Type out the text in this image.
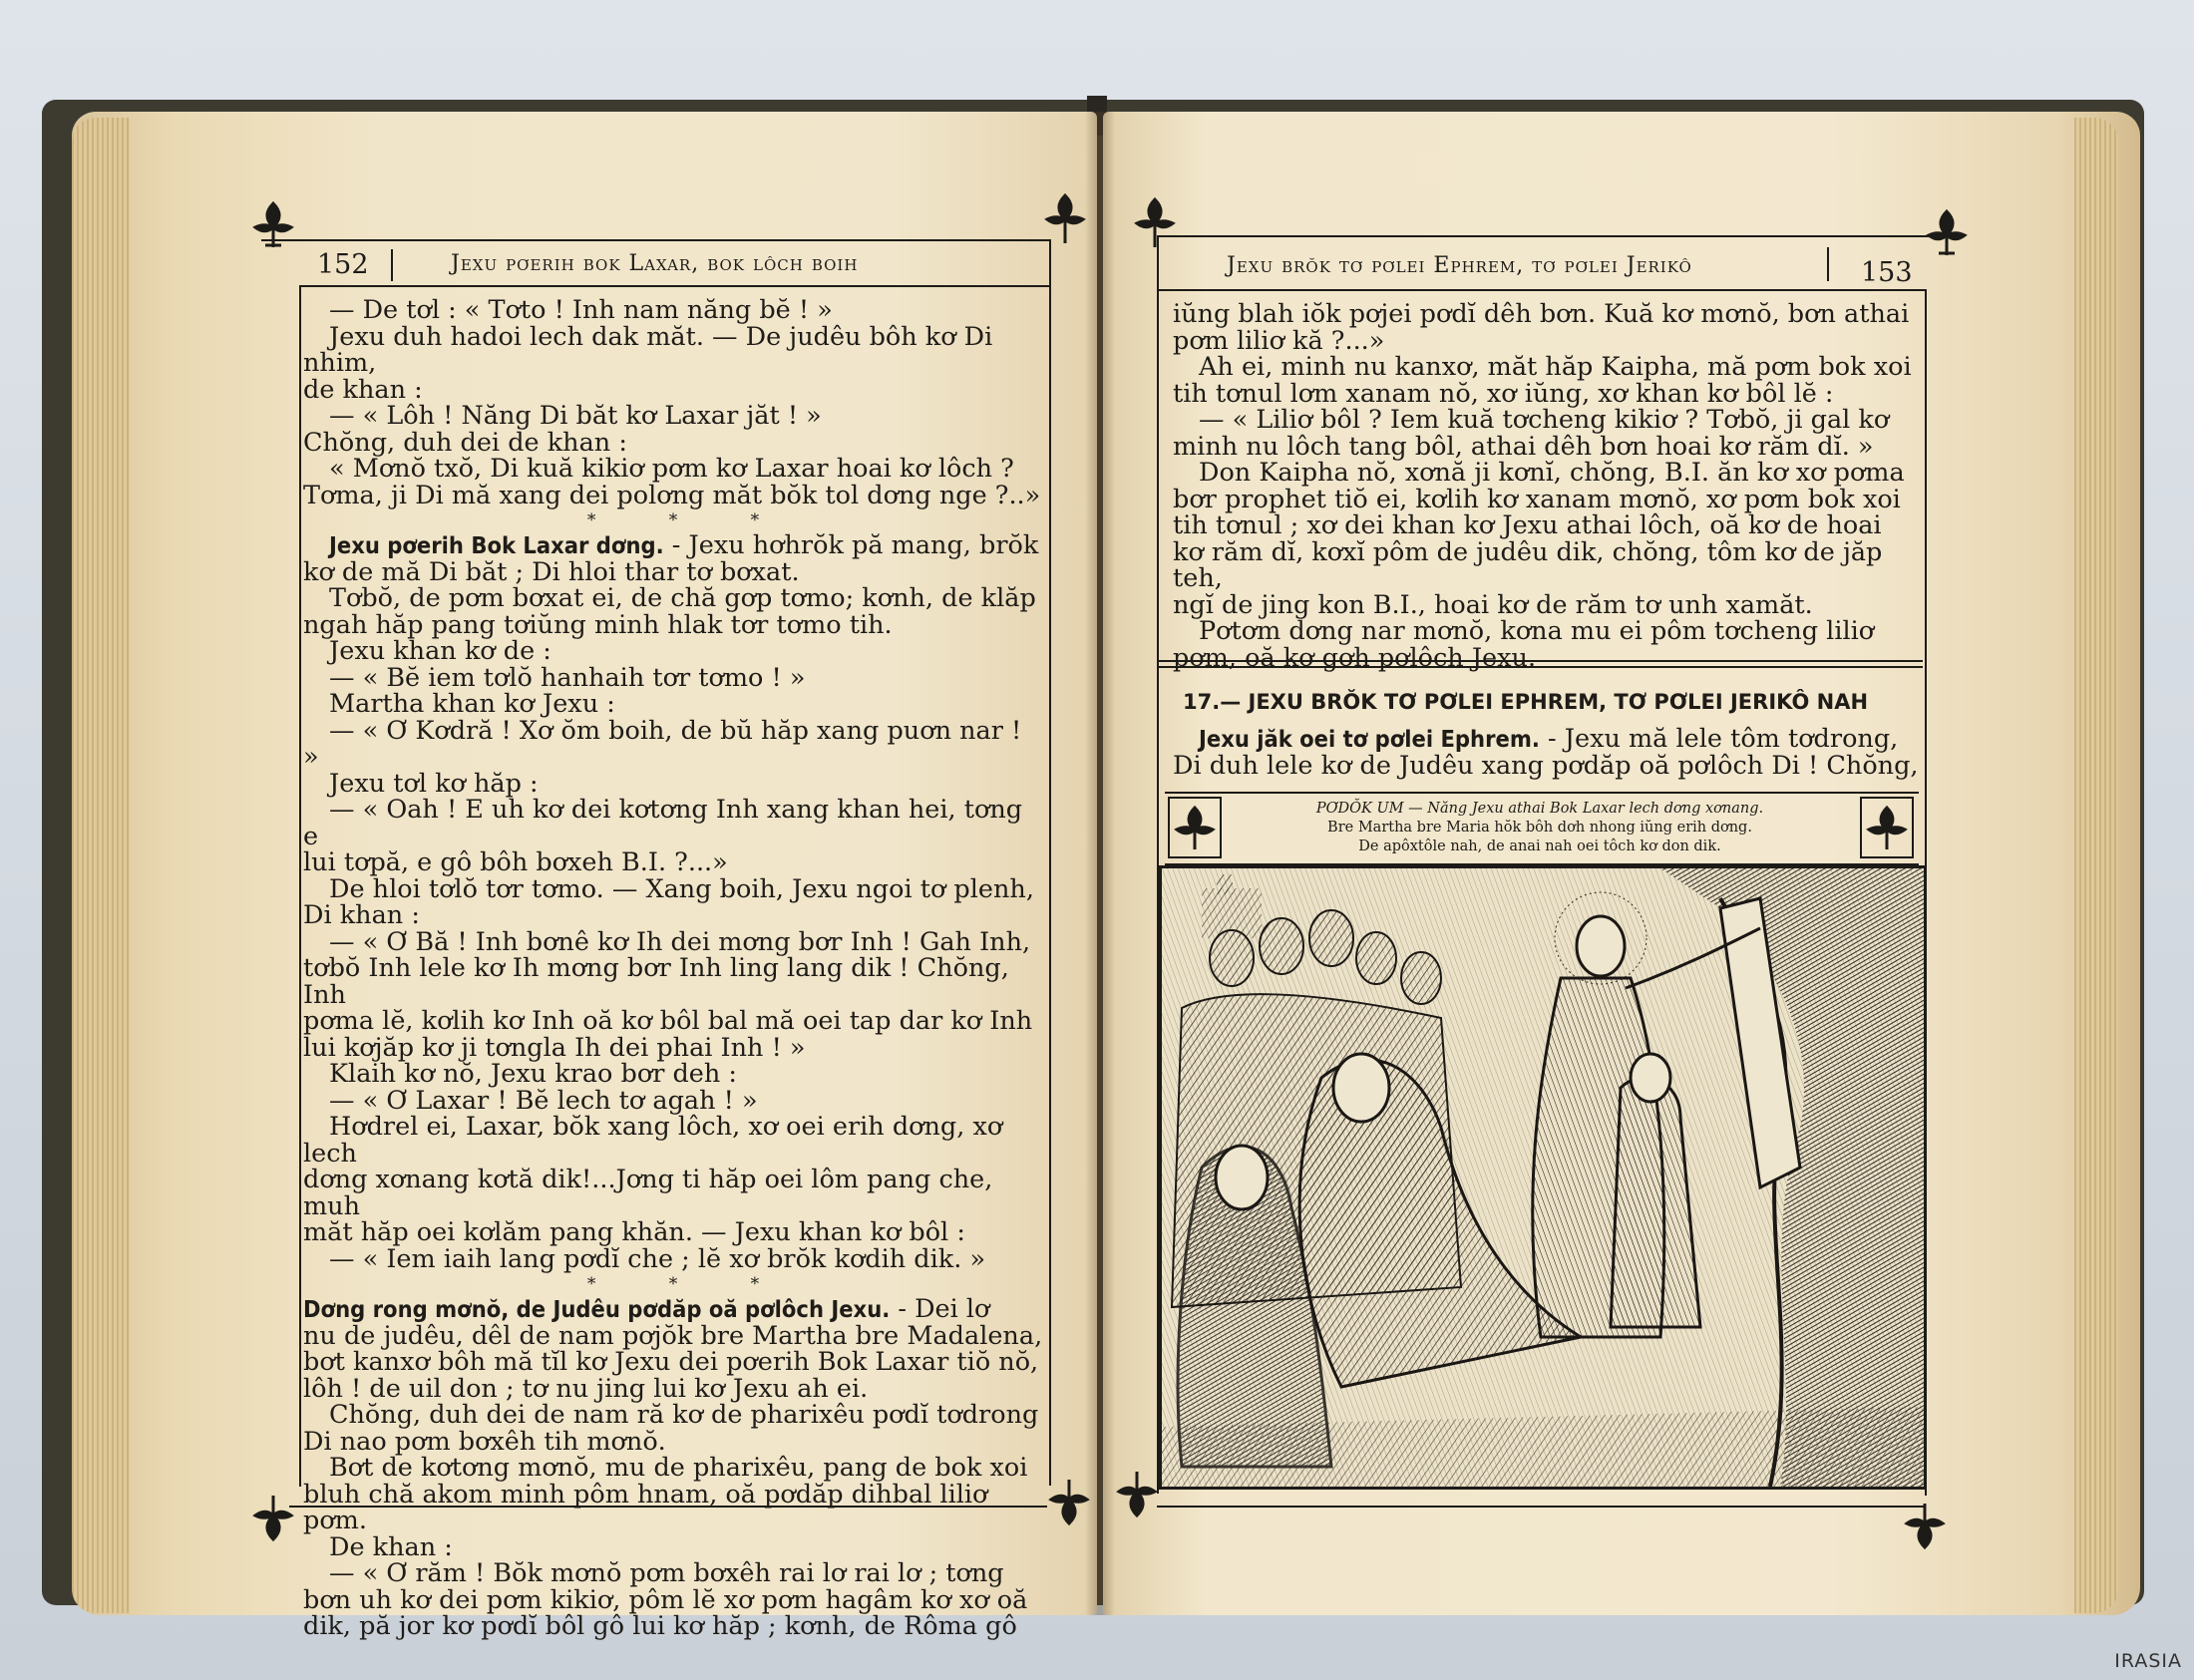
152	Jexu pơerih bok Laxar, bok lôch boih

— De tơl : « Tơto ! Inh nam năng bĕ ! »

Jexu duh hadoi lech dak măt. — De judêu bôh kơ Di nhim,

de khan :

— « Lôh ! Năng Di băt kơ Laxar jăt ! »

Chŏng, duh dei de khan :

« Mơnŏ txŏ, Di kuă kikiơ pơm kơ Laxar hoai kơ lôch ?

Tơma, ji Di mă xang dei polơng măt bŏk tol dơng nge ?..»

* * *

Jexu pơerih Bok Laxar dơng. - Jexu hơhrŏk pă mang, brŏk

kơ de mă Di băt ; Di hloi thar tơ bơxat.

Tơbŏ, de pơm bơxat ei, de chă gơp tơmo; kơnh, de klăp

ngah hăp pang tơiŭng minh hlak tơr tơmo tih.

Jexu khan kơ de :

— « Bĕ iem tơlŏ hanhaih tơr tơmo ! »

Martha khan kơ Jexu :

— « Ơ Kơdră ! Xơ ŏm boih, de bŭ hăp xang puơn nar ! »

Jexu tơl kơ hăp :

— « Oah ! E uh kơ dei kơtơng Inh xang khan hei, tơng e

lui tơpă, e gô bôh bơxeh B.I. ?...»

De hloi tơlŏ tơr tơmo. — Xang boih, Jexu ngoi tơ plenh,

Di khan :

— « Ơ Bă ! Inh bơnê kơ Ih dei mơng bơr Inh ! Gah Inh,

tơbŏ Inh lele kơ Ih mơng bơr Inh ling lang dik ! Chŏng, Inh

pơma lĕ, kơlih kơ Inh oă kơ bôl bal mă oei tap dar kơ Inh

lui kơjăp kơ ji tơngla Ih dei phai Inh ! »

Klaih kơ nŏ, Jexu krao bơr deh :

— « Ơ Laxar ! Bĕ lech tơ agah ! »

Hơdrel ei, Laxar, bŏk xang lôch, xơ oei erih dơng, xơ lech

dơng xơnang kơtă dik!...Jơng ti hăp oei lôm pang che, muh

măt hăp oei kơlăm pang khăn. — Jexu khan kơ bôl :

— « Iem iaih lang pơdĭ che ; lĕ xơ brŏk kơdih dik. »

* * *

Dơng rong mơnŏ, de Judêu pơdăp oă pơlôch Jexu. - Dei lơ

nu de judêu, dêl de nam pơjŏk bre Martha bre Madalena,

bơt kanxơ bôh mă tĭl kơ Jexu dei pơerih Bok Laxar tiŏ nŏ,

lôh ! de uil don ; tơ nu jing lui kơ Jexu ah ei.

Chŏng, duh dei de nam ră kơ de pharixêu pơdĭ tơdrong

Di nao pơm bơxêh tih mơnŏ.

Bơt de kơtơng mơnŏ, mu de pharixêu, pang de bok xoi

bluh chă akom minh pôm hnam, oă pơdăp dihbal liliơ pơm.

De khan :

— « Ơ răm ! Bŏk mơnŏ pơm bơxêh rai lơ rai lơ ; tơng

bơn uh kơ dei pơm kikiơ, pôm lĕ xơ pơm hagâm kơ xơ oă

dik, pă jor kơ pơdĭ bôl gô lui kơ hăp ; kơnh, de Rôma gô

Jexu brŏk tơ pơlei Ephrem, tơ pơlei Jerikô	153

iŭng blah iŏk pơjei pơdĭ dêh bơn. Kuă kơ mơnŏ, bơn athai

pơm liliơ kă ?...»

Ah ei, minh nu kanxơ, măt hăp Kaipha, mă pơm bok xoi

tih tơnul lơm xanam nŏ, xơ iŭng, xơ khan kơ bôl lĕ :

— « Liliơ bôl ? Iem kuă tơcheng kikiơ ? Tơbŏ, ji gal kơ

minh nu lôch tang bôl, athai dêh bơn hoai kơ răm dĭ. »

Don Kaipha nŏ, xơnă ji kơnĭ, chŏng, B.I. ăn kơ xơ pơma

bơr prophet tiŏ ei, kơlih kơ xanam mơnŏ, xơ pơm bok xoi

tih tơnul ; xơ dei khan kơ Jexu athai lôch, oă kơ de hoai

kơ răm dĭ, kơxĭ pôm de judêu dik, chŏng, tôm kơ de jăp teh,

ngĭ de jing kon B.I., hoai kơ de răm tơ unh xamăt.

Pơtơm dơng nar mơnŏ, kơna mu ei pôm tơcheng liliơ

pơm, oă kơ gơh pơlôch Jexu.

17.— JEXU BRŎK TƠ PƠLEI EPHREM, TƠ PƠLEI JERIKÔ NAH

Jexu jăk oei tơ pơlei Ephrem. - Jexu mă lele tôm tơdrong,

Di duh lele kơ de Judêu xang pơdăp oă pơlôch Di ! Chŏng,

PƠDŎK UM — Năng Jexu athai Bok Laxar lech dơng xơnang.
Bre Martha bre Maria hŏk bôh dơh nhong iŭng erih dơng.
De apôxtôle nah, de anai nah oei tôch kơ don dik.
IRASIA
